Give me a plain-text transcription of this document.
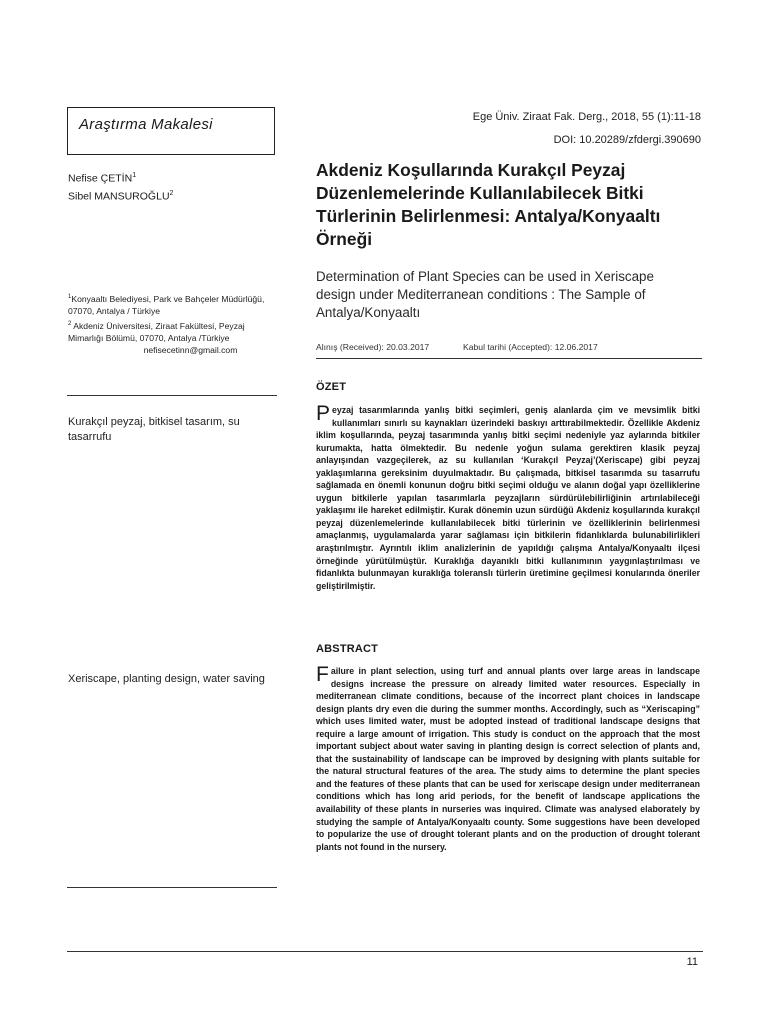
Araştırma Makalesi	Ege Üniv. Ziraat Fak. Derg., 2018, 55 (1):11-18
DOI: 10.20289/zfdergi.390690
Nefise ÇETİN$^1$
Sibel MANSUROĞLU$^2$
$^1$Konyaaltı Belediyesi, Park ve Bahçeler Müdürlüğü,
07070, Antalya / Türkiye
$^2$ Akdeniz Üniversitesi, Ziraat Fakültesi, Peyzaj
Mimarlığı Bölümü, 07070, Antalya /Türkiye
nefisecetinn@gmail.com
Kurakçıl peyzaj, bitkisel tasarım, su tasarrufu
Xeriscape, planting design, water saving
Akdeniz Koşullarında Kurakçıl Peyzaj Düzenlemelerinde Kullanılabilecek Bitki Türlerinin Belirlenmesi: Antalya/Konyaaltı Örneği
Determination of Plant Species can be used in Xeriscape design under Mediterranean conditions : The Sample of Antalya/Konyaaltı
Alınış (Received): 20.03.2017	Kabul tarihi (Accepted): 12.06.2017
ÖZET
Peyzaj tasarımlarında yanlış bitki seçimleri, geniş alanlarda çim ve mevsimlik bitki kullanımları sınırlı su kaynakları üzerindeki baskıyı arttırabilmektedir. Özellikle Akdeniz iklim koşullarında, peyzaj tasarımında yanlış bitki seçimi nedeniyle yaz aylarında bitkiler kurumakta, hatta ölmektedir. Bu nedenle yoğun sulama gerektiren klasik peyzaj anlayışından vazgeçilerek, az su kullanılan ‘Kurakçıl Peyzaj’(Xeriscape) gibi peyzaj yaklaşımlarına gereksinim duyulmaktadır. Bu çalışmada, bitkisel tasarımda su tasarrufu sağlamada en önemli konunun doğru bitki seçimi olduğu ve alanın doğal yapı özelliklerine uygun bitkilerle yapılan tasarımlarla peyzajların sürdürülebilirliğinin artırılabileceği yaklaşımı ile hareket edilmiştir. Kurak dönemin uzun sürdüğü Akdeniz koşullarında kurakçıl peyzaj düzenlemelerinde kullanılabilecek bitki türlerinin ve özelliklerinin belirlenmesi amaçlanmış, uygulamalarda yarar sağlaması için bitkilerin fidanlıklarda bulunabilirlikleri araştırılmıştır. Ayrıntılı iklim analizlerinin de yapıldığı çalışma Antalya/Konyaaltı ilçesi örneğinde yürütülmüştür. Kuraklığa dayanıklı bitki kullanımının yaygınlaştırılması ve fidanlıkta bulunmayan kuraklığa toleranslı türlerin üretimine geçilmesi konularında öneriler geliştirilmiştir.
ABSTRACT
Failure in plant selection, using turf and annual plants over large areas in landscape designs increase the pressure on already limited water resources. Especially in mediterranean climate conditions, because of the incorrect plant choices in landscape design plants dry even die during the summer months. Accordingly, such as “Xeriscaping” which uses limited water, must be adopted instead of traditional landscape designs that require a large amount of irrigation. This study is conduct on the approach that the most important subject about water saving in planting design is correct selection of plants and, that the sustainability of landscape can be improved by designing with plants suitable for the natural structural features of the area. The study aims to determine the plant species and the features of these plants that can be used for xeriscape design under mediterranean conditions which has long arid periods, for the benefit of landscape applications the availability of these plants in nurseries was inquired. Climate was analysed elaborately by studying the sample of Antalya/Konyaaltı county. Some suggestions have been developed to popularize the use of drought tolerant plants and on the production of drought tolerant plants not found in the nursery.
11
